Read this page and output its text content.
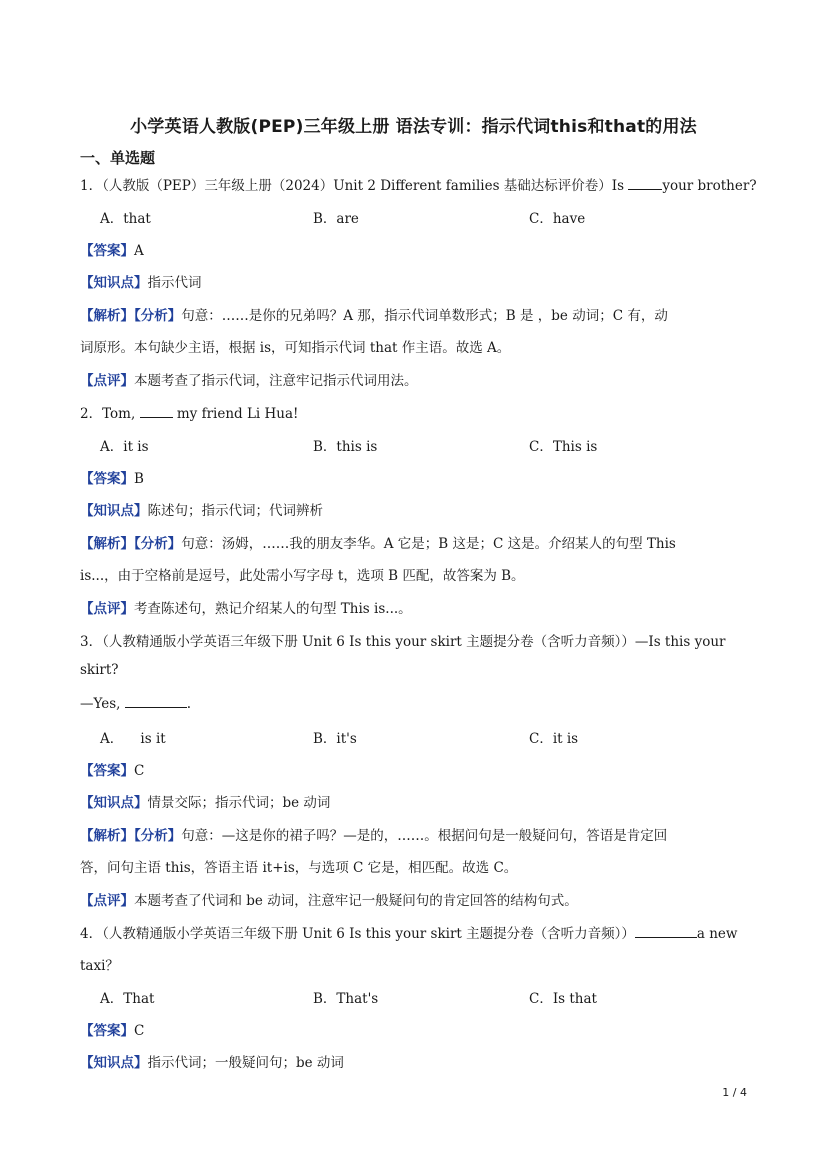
小学英语人教版(PEP)三年级上册 语法专训：指示代词this和that的用法
一、单选题
1．（人教版（PEP）三年级上册（2024）Unit 2 Different families 基础达标评价卷）Is	your brother?
A．that	B．are	C．have
【答案】A
【知识点】指示代词
【解析】【分析】句意：……是你的兄弟吗？A 那，指示代词单数形式；B 是 ，be 动词；C 有，动
词原形。本句缺少主语，根据 is，可知指示代词 that 作主语。故选 A。
【点评】本题考查了指示代词，注意牢记指示代词用法。
2．Tom,  my friend Li Hua!
A．it is	B．this is	C．This is
【答案】B
【知识点】陈述句；指示代词；代词辨析
【解析】【分析】句意：汤姆，……我的朋友李华。A 它是；B 这是；C 这是。介绍某人的句型 This
is...，由于空格前是逗号，此处需小写字母 t，选项 B 匹配，故答案为 B。
【点评】考查陈述句，熟记介绍某人的句型 This is...。
3．（人教精通版小学英语三年级下册 Unit 6 Is this your skirt 主题提分卷（含听力音频））—Is this your
skirt?
—Yes,	.
A．    is it	B．it's	C．it is
【答案】C
【知识点】情景交际；指示代词；be 动词
【解析】【分析】句意：—这是你的裙子吗？—是的，……。根据问句是一般疑问句，答语是肯定回
答，问句主语 this，答语主语 it+is，与选项 C 它是，相匹配。故选 C。
【点评】本题考查了代词和 be 动词，注意牢记一般疑问句的肯定回答的结构句式。
4．（人教精通版小学英语三年级下册 Unit 6 Is this your skirt 主题提分卷（含听力音频））	a new
taxi？
A．That	B．That's	C．Is that
【答案】C
【知识点】指示代词；一般疑问句；be 动词
1 / 4
